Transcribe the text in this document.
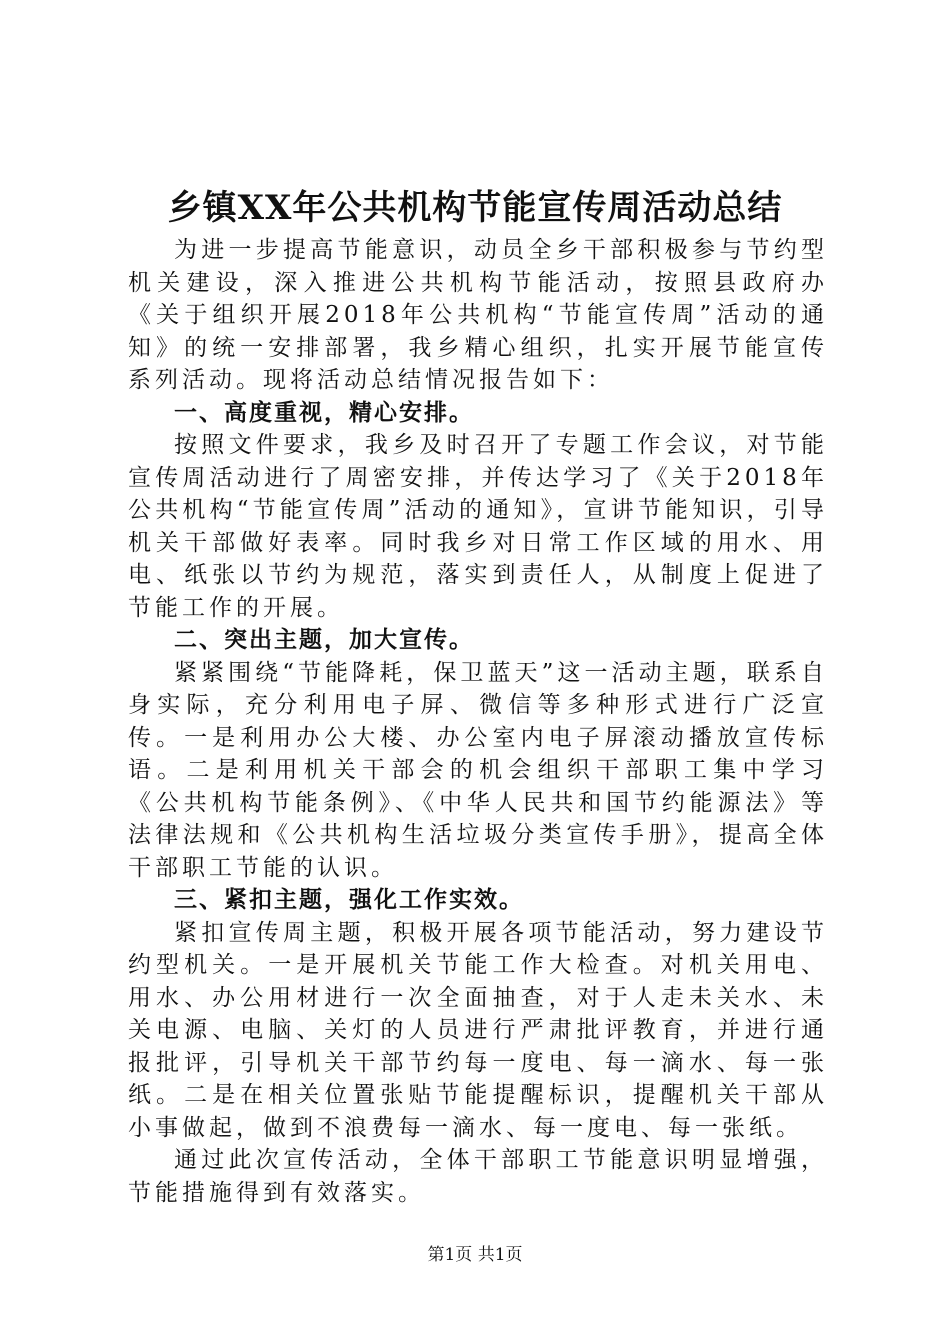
乡镇XX年公共机构节能宣传周活动总结

为进一步提高节能意识，动员全乡干部积极参与节约型机关建设，深入推进公共机构节能活动，按照县政府办《关于组织开展2018年公共机构“节能宣传周”活动的通知》的统一安排部署，我乡精心组织，扎实开展节能宣传系列活动。现将活动总结情况报告如下：

一、高度重视，精心安排。

按照文件要求，我乡及时召开了专题工作会议，对节能宣传周活动进行了周密安排，并传达学习了《关于2018年公共机构“节能宣传周”活动的通知》，宣讲节能知识，引导机关干部做好表率。同时我乡对日常工作区域的用水、用电、纸张以节约为规范，落实到责任人，从制度上促进了节能工作的开展。

二、突出主题，加大宣传。

紧紧围绕“节能降耗，保卫蓝天”这一活动主题，联系自身实际，充分利用电子屏、微信等多种形式进行广泛宣传。一是利用办公大楼、办公室内电子屏滚动播放宣传标语。二是利用机关干部会的机会组织干部职工集中学习《公共机构节能条例》、《中华人民共和国节约能源法》等法律法规和《公共机构生活垃圾分类宣传手册》，提高全体干部职工节能的认识。

三、紧扣主题，强化工作实效。

紧扣宣传周主题，积极开展各项节能活动，努力建设节约型机关。一是开展机关节能工作大检查。对机关用电、用水、办公用材进行一次全面抽查，对于人走未关水、未关电源、电脑、关灯的人员进行严肃批评教育，并进行通报批评，引导机关干部节约每一度电、每一滴水、每一张纸。二是在相关位置张贴节能提醒标识，提醒机关干部从小事做起，做到不浪费每一滴水、每一度电、每一张纸。

通过此次宣传活动，全体干部职工节能意识明显增强，节能措施得到有效落实。

第1页 共1页
